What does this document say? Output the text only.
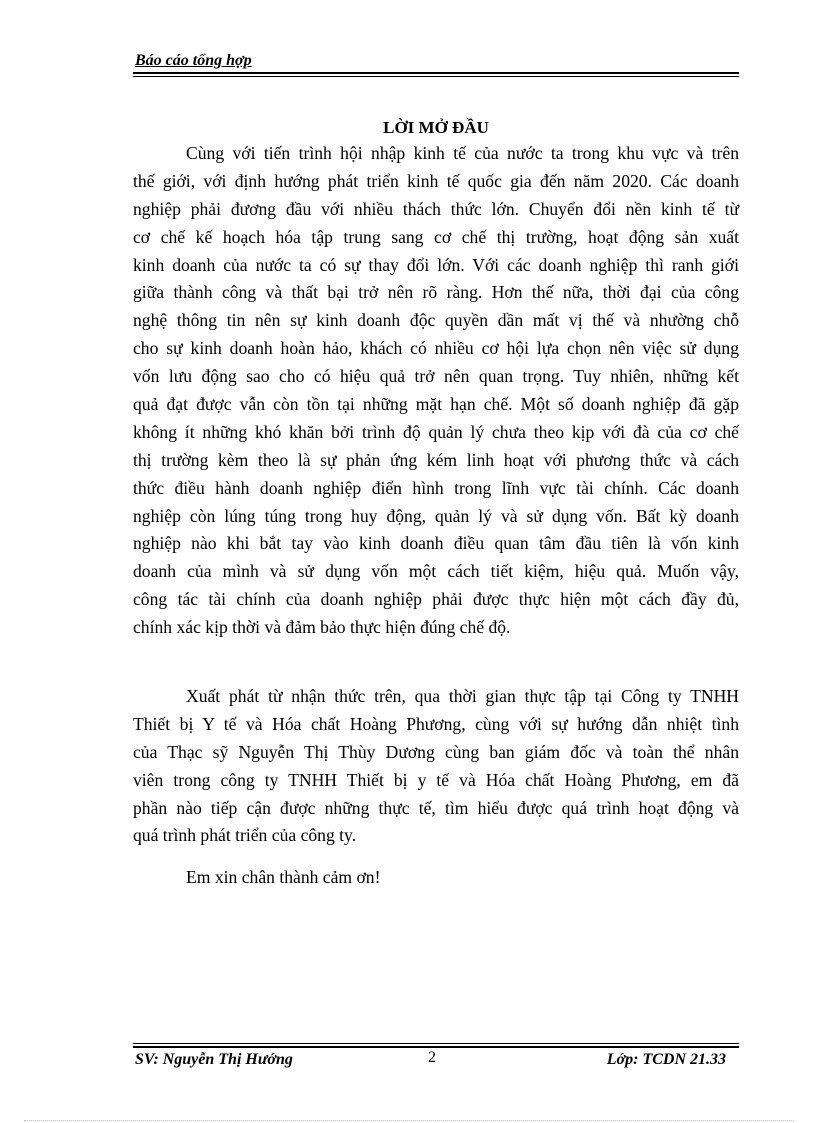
Báo cáo tổng hợp
LỜI MỞ ĐẦU
Cùng với tiến trình hội nhập kinh tế của nước ta trong khu vực và trên
thế giới, với định hướng phát triển kinh tế quốc gia đến năm 2020. Các doanh
nghiệp phải đương đầu với nhiều thách thức lớn. Chuyển đổi nền kinh tế từ
cơ chế kế hoạch hóa tập trung sang cơ chế thị trường, hoạt động sản xuất
kinh doanh của nước ta có sự thay đổi lớn. Với các doanh nghiệp thì ranh giới
giữa thành công và thất bại trở nên rõ ràng. Hơn thế nữa, thời đại của công
nghệ thông tin nên sự kinh doanh độc quyền dần mất vị thế và nhường chỗ
cho sự kinh doanh hoàn hảo, khách có nhiều cơ hội lựa chọn nên việc sử dụng
vốn lưu động sao cho có hiệu quả trở nên quan trọng. Tuy nhiên, những kết
quả đạt được vẫn còn tồn tại những mặt hạn chế. Một số doanh nghiệp đã gặp
không ít những khó khăn bởi trình độ quản lý chưa theo kịp với đà của cơ chế
thị trường kèm theo là sự phản ứng kém linh hoạt với phương thức và cách
thức điều hành doanh nghiệp điển hình trong lĩnh vực tài chính. Các doanh
nghiệp còn lúng túng trong huy động, quản lý và sử dụng vốn. Bất kỳ doanh
nghiệp nào khi bắt tay vào kinh doanh điều quan tâm đầu tiên là vốn kinh
doanh của mình và sử dụng vốn một cách tiết kiệm, hiệu quả. Muốn vậy,
công tác tài chính của doanh nghiệp phải được thực hiện một cách đầy đủ,
chính xác kịp thời và đảm bảo thực hiện đúng chế độ.
Xuất phát từ nhận thức trên, qua thời gian thực tập tại Công ty TNHH
Thiết bị Y tế và Hóa chất Hoàng Phương, cùng với sự hướng dẫn nhiệt tình
của Thạc sỹ Nguyễn Thị Thùy Dương cùng ban giám đốc và toàn thể nhân
viên trong công ty TNHH Thiết bị y tế và Hóa chất Hoàng Phương, em đã
phần nào tiếp cận được những thực tế, tìm hiểu được quá trình hoạt động và
quá trình phát triển của công ty.
Em xin chân thành cảm ơn!
SV: Nguyễn Thị Hướng	2	Lớp: TCDN 21.33
